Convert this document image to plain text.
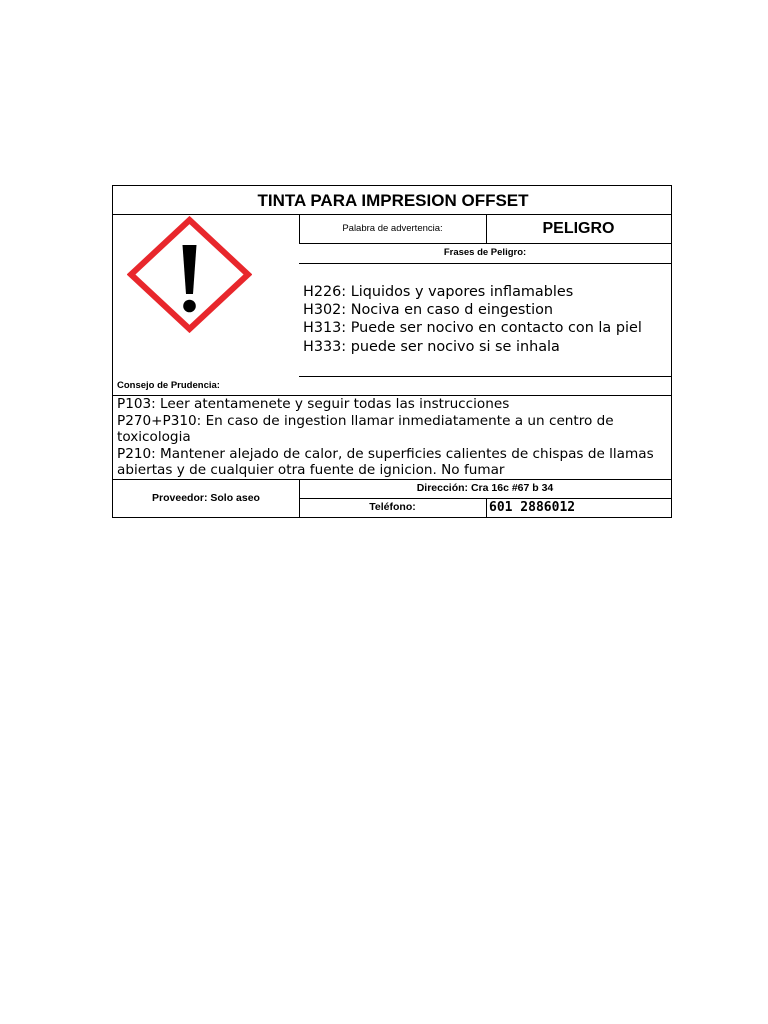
TINTA PARA IMPRESION OFFSET
Palabra de advertencia:	PELIGRO
Frases de Peligro:
H226: Liquidos y vapores inflamables
H302: Nociva en caso d eingestion
H313: Puede ser nocivo en contacto con la piel
H333: puede ser nocivo si se inhala
Consejo de Prudencia:
P103: Leer atentamenete y seguir todas las instrucciones
P270+P310: En caso de ingestion llamar inmediatamente a un centro de toxicologia
P210: Mantener alejado de calor, de superficies calientes de chispas de llamas abiertas y de cualquier otra fuente de ignicion. No fumar
Proveedor: Solo aseo
Dirección: Cra 16c #67 b 34
Teléfono:	601 2886012
